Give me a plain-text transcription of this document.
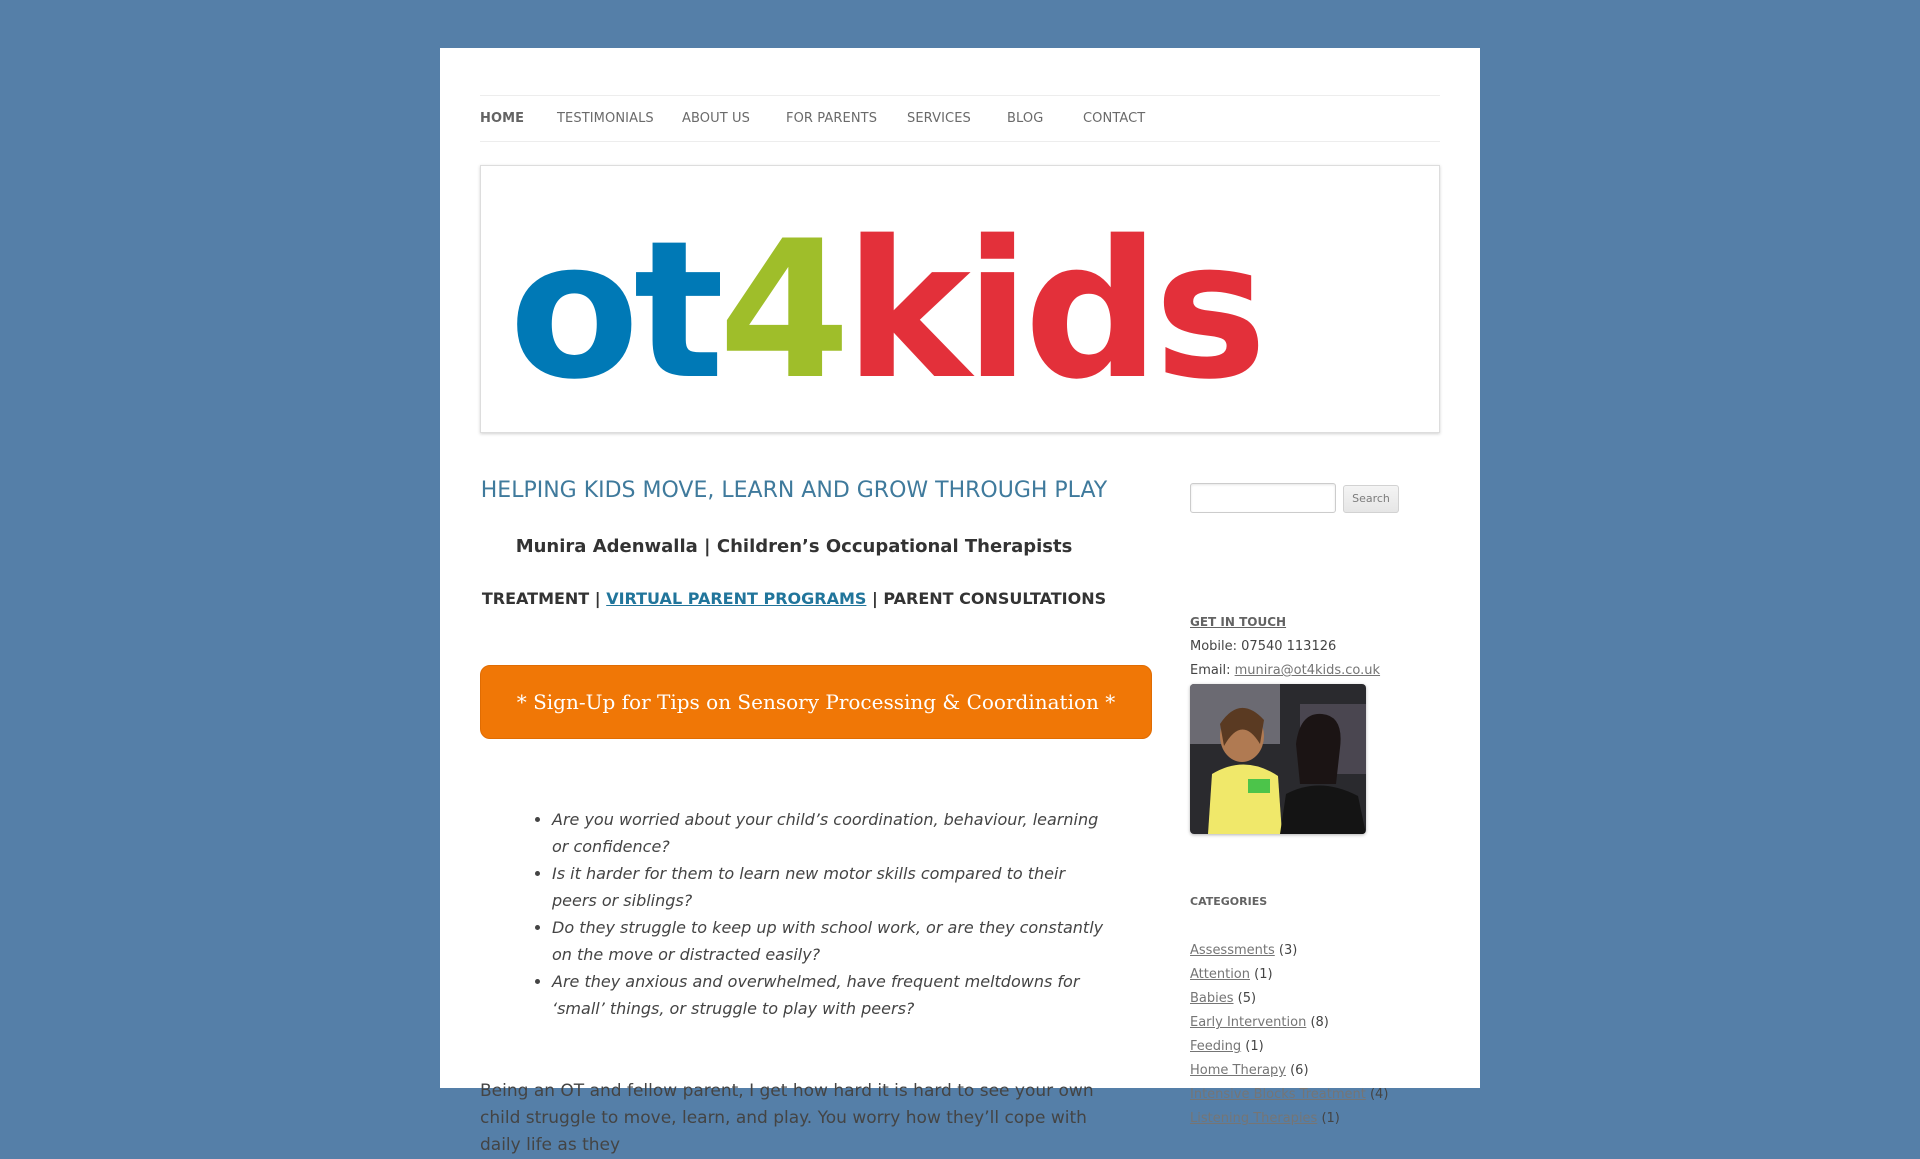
HOME	TESTIMONIALS ABOUT US	FOR PARENTS SERVICES	BLOG	CONTACT
ot4kids
HELPING KIDS MOVE, LEARN AND GROW THROUGH PLAY
Munira Adenwalla | Children’s Occupational Therapists
TREATMENT | VIRTUAL PARENT PROGRAMS | PARENT CONSULTATIONS
* Sign-Up for Tips on Sensory Processing & Coordination *
• Are you worried about your child’s coordination, behaviour, learning or confidence?
• Is it harder for them to learn new motor skills compared to their peers or siblings?
• Do they struggle to keep up with school work, or are they constantly on the move or distracted easily?
• Are they anxious and overwhelmed, have frequent meltdowns for ‘small’ things, or struggle to play with peers?

Being an OT and fellow parent, I get how hard it is hard to see your own child struggle to move, learn, and play. You worry how they’ll cope with daily life as they

Search
GET IN TOUCH
Mobile: 07540 113126
Email: munira@ot4kids.co.uk
CATEGORIES
Assessments (3)
Attention (1)
Babies (5)
Early Intervention (8)
Feeding (1)
Home Therapy (6)
Intensive Blocks Treatment (4)
Listening Therapies (1)
